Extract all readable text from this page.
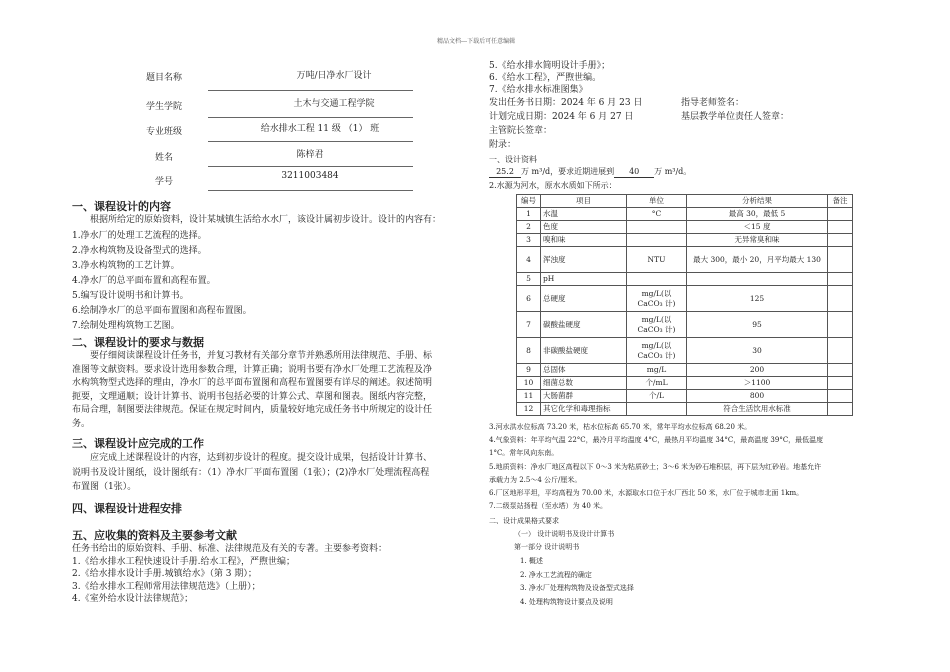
精品文档---下载后可任意编辑
题目名称	万吨/日净水厂设计
学生学院	土木与交通工程学院
专业班级	给水排水工程 11 级 （1） 班
姓名	陈梓君
学号
3211003484
一、课程设计的内容
根据所给定的原始资料，设计某城镇生活给水水厂，该设计属初步设计。设计的内容有：
1.净水厂的处理工艺流程的选择。
2.净水构筑物及设备型式的选择。
3.净水构筑物的工艺计算。
4.净水厂的总平面布置和高程布置。
5.编写设计说明书和计算书。
6.绘制净水厂的总平面布置图和高程布置图。
7.绘制处理构筑物工艺图。
二、课程设计的要求与数据
要仔细阅读课程设计任务书，并复习教材有关部分章节并熟悉所用法律规范、手册、标
准图等文献资料。要求设计选用参数合理，计算正确；说明书要有净水厂处理工艺流程及净
水构筑物型式选择的理由，净水厂的总平面布置图和高程布置图要有详尽的阐述。叙述简明
扼要，文理通顺；设计计算书、说明书包括必要的计算公式、草图和图表。图纸内容完整，
布局合理，制图要法律规范。保证在规定时间内，质量较好地完成任务书中所规定的设计任
务。
三、课程设计应完成的工作
应完成上述课程设计的内容，达到初步设计的程度。提交设计成果，包括设计计算书、
说明书及设计图纸，设计图纸有：（1）净水厂平面布置图（1张）；(2)净水厂处理流程高程
布置图（1张）。
四、课程设计进程安排
五、应收集的资料及主要参考文献
任务书给出的原始资料、手册、标准、法律规范及有关的专著。主要参考资料：
1.《给水排水工程快速设计手册.给水工程》，严煦世编；
2.《给水排水设计手册.城镇给水》（第 3 期）；
3.《给水排水工程师常用法律规范选》（上册）；
4.《室外给水设计法律规范》；
5.《给水排水简明设计手册》；
6.《给水工程》，严煦世编。
7.《给水排水标准图集》
发出任务书日期：2024 年 6 月 23 日	指导老师签名：
计划完成日期：2024 年 6 月 27 日	基层教学单位责任人签章：
主管院长签章：
附录：
一、设计资料
25.2 万 m³/d，要求近期进展到 40 万 m³/d。
2.水源为河水，原水水质如下所示：
编号	项目	单位	分析结果	备注
1	水温	°C	最高 30，最低 5	
2	色度		＜15 度	
3	嗅和味		无异常臭和味	
4	浑浊度	NTU	最大 300，最小 20，月平均最大 130	
5	pH			
6	总硬度	mg/L(以 CaCO₃ 计)	125	
7	碳酸盐硬度	mg/L(以 CaCO₃ 计)	95	
8	非碳酸盐硬度	mg/L(以 CaCO₃ 计)	30	
9	总固体	mg/L	200	
10	细菌总数	个/mL	＞1100	
11	大肠菌群	个/L	800	
12	其它化学和毒理指标		符合生活饮用水标准	
3.河水洪水位标高 73.20 米，枯水位标高 65.70 米，常年平均水位标高 68.20 米。
4.气象资料：年平均气温 22°C，最冷月平均温度 4°C，最热月平均温度 34°C，最高温度 39°C，最低温度
1°C。常年风向东南。
5.地质资料：净水厂地区高程以下 0～3 米为粘质砂土；3～6 米为砂石堆积层，再下层为红砂岩。地基允许
承载力为 2.5～4 公斤/厘米。
6.厂区地形平坦，平均高程为 70.00 米，水源取水口位于水厂西北 50 米，水厂位于城市北面 1km。
7.二级泵站扬程（至水塔）为 40 米。
二、设计成果格式要求
（一） 设计说明书及设计计算书
第一部分 设计说明书
1. 概述
2. 净水工艺流程的确定
3. 净水厂处理构筑物及设备型式选择
4. 处理构筑物设计要点及说明
